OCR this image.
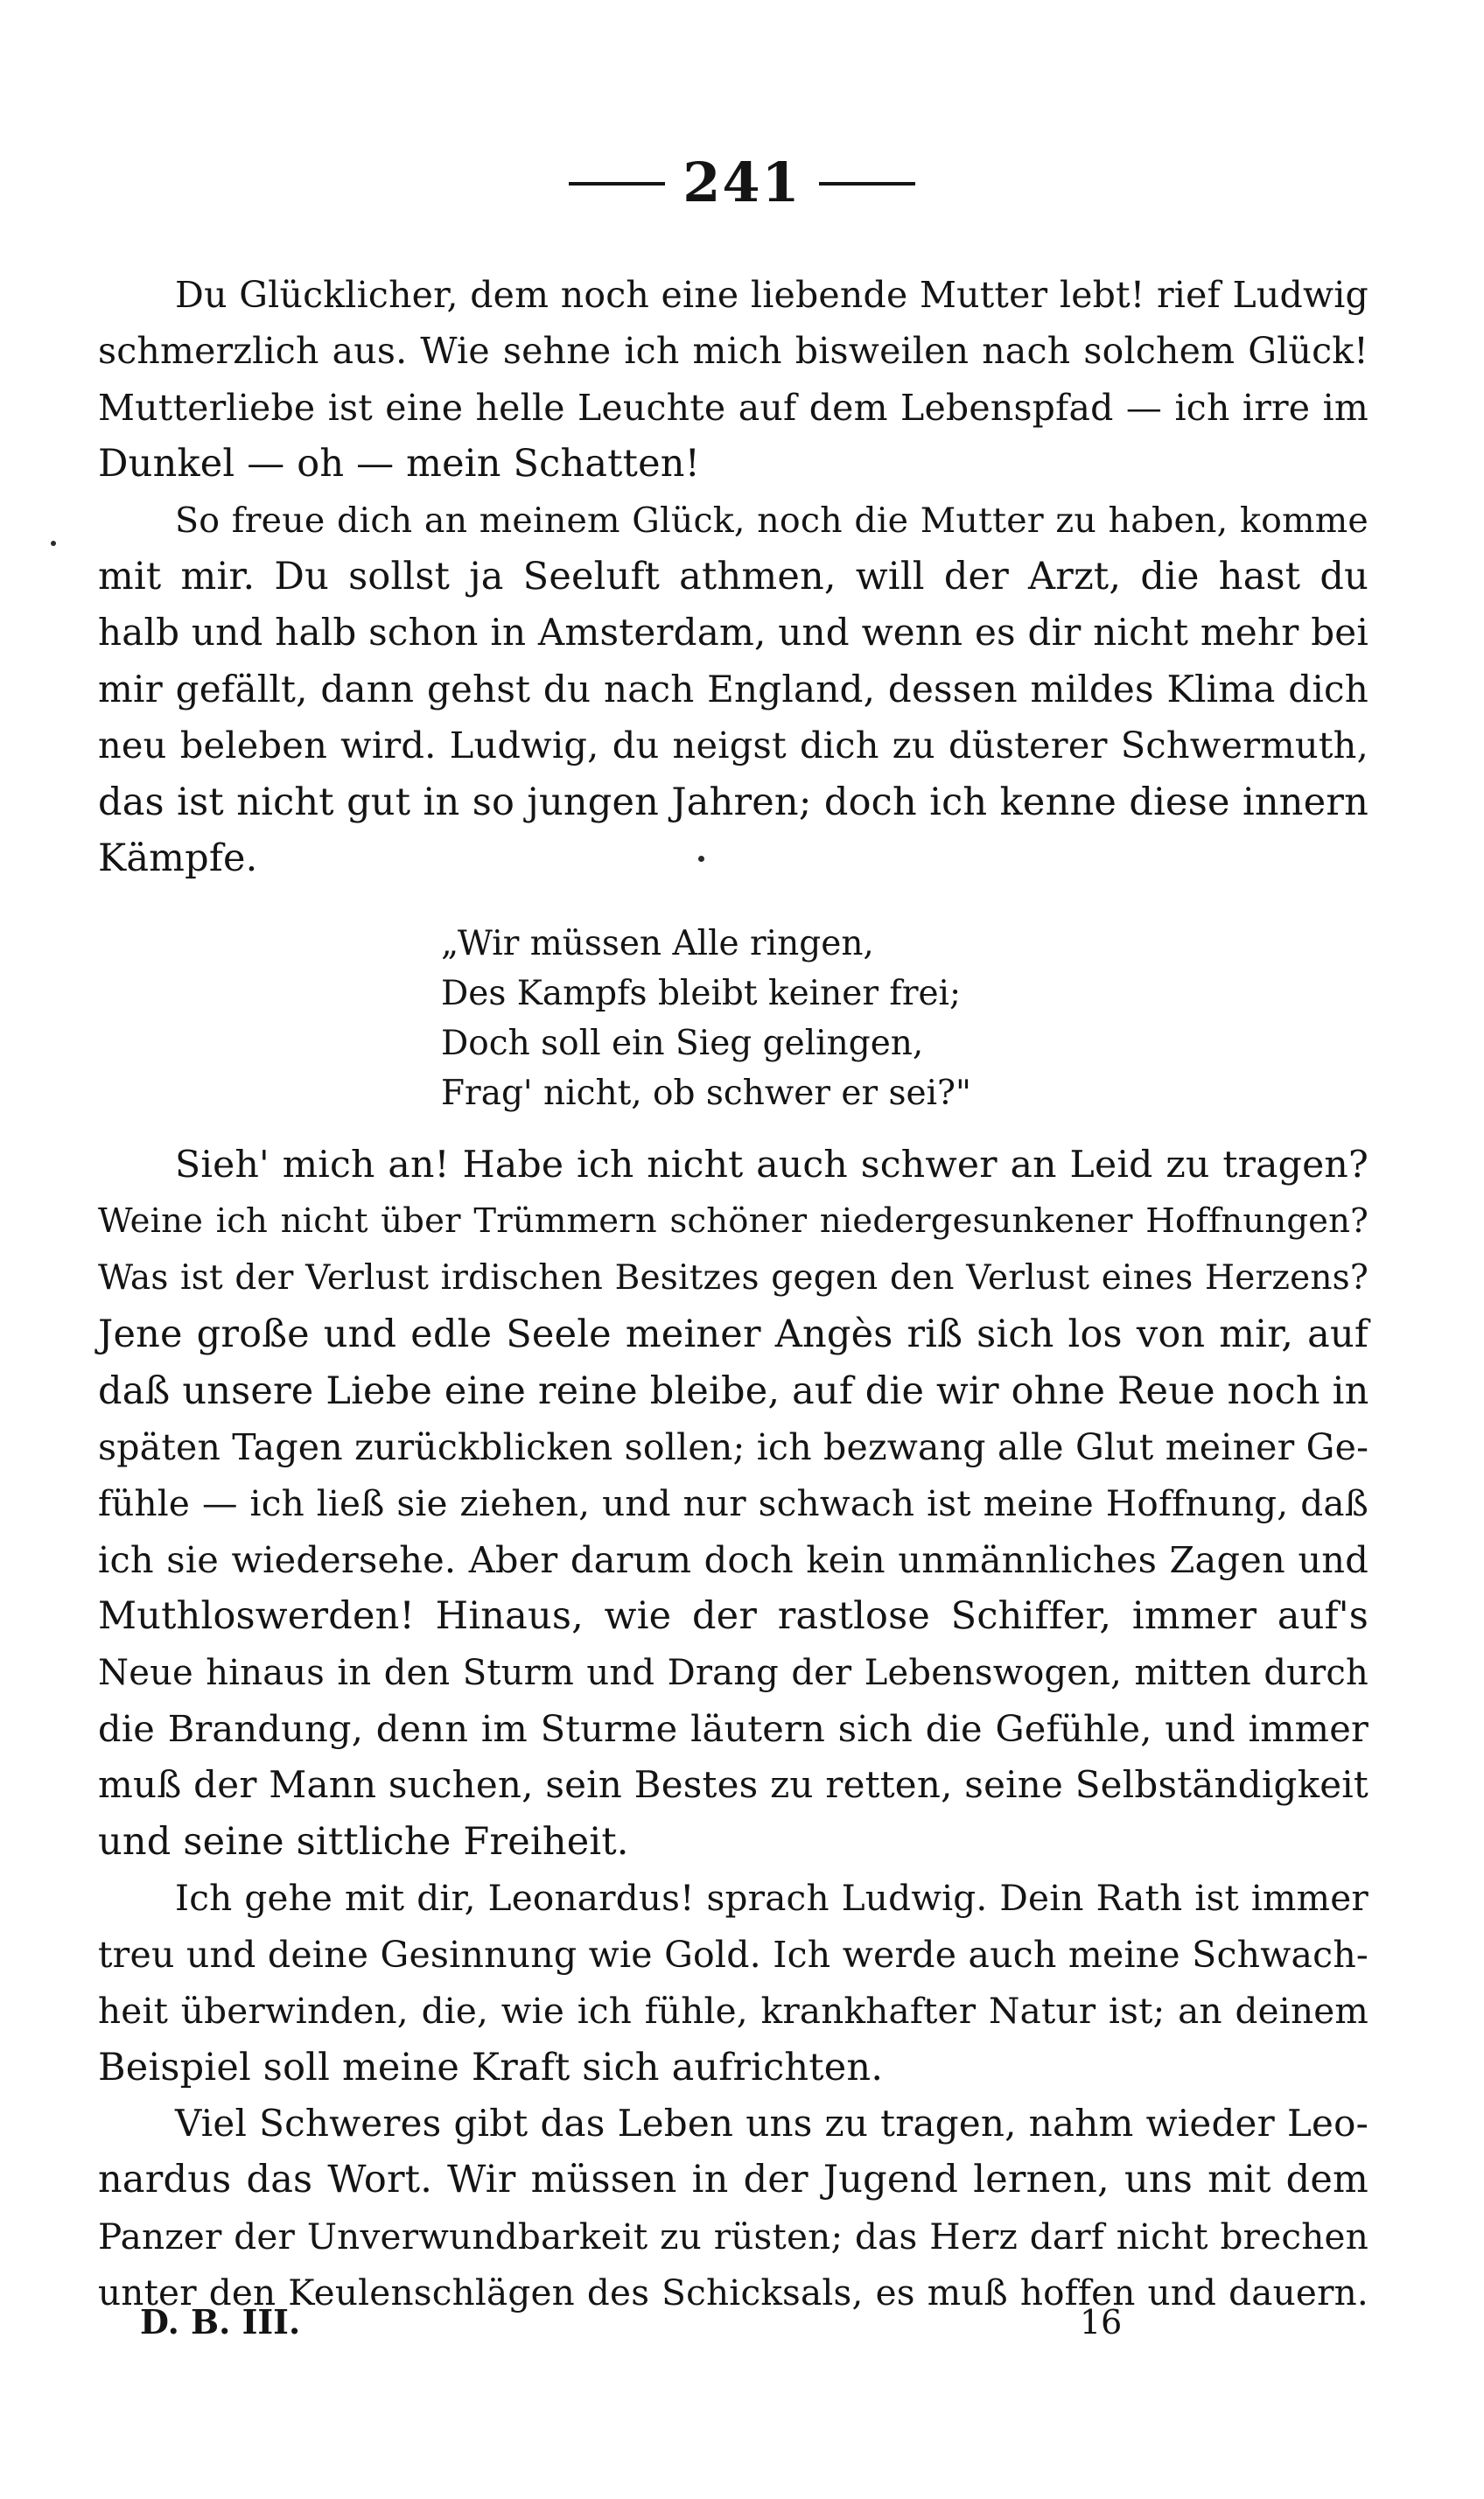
241
Du Glücklicher, dem noch eine liebende Mutter lebt! rief Ludwig
schmerzlich aus. Wie sehne ich mich bisweilen nach solchem Glück!
Mutterliebe ist eine helle Leuchte auf dem Lebenspfad — ich irre im
Dunkel — oh — mein Schatten!
So freue dich an meinem Glück, noch die Mutter zu haben, komme
mit mir. Du sollst ja Seeluft athmen, will der Arzt, die hast du
halb und halb schon in Amsterdam, und wenn es dir nicht mehr bei
mir gefällt, dann gehst du nach England, dessen mildes Klima dich
neu beleben wird. Ludwig, du neigst dich zu düsterer Schwermuth,
das ist nicht gut in so jungen Jahren; doch ich kenne diese innern
Kämpfe.
„Wir müssen Alle ringen,
Des Kampfs bleibt keiner frei;
Doch soll ein Sieg gelingen,
Frag' nicht, ob schwer er sei?"
Sieh' mich an! Habe ich nicht auch schwer an Leid zu tragen?
Weine ich nicht über Trümmern schöner niedergesunkener Hoffnungen?
Was ist der Verlust irdischen Besitzes gegen den Verlust eines Herzens?
Jene große und edle Seele meiner Angès riß sich los von mir, auf
daß unsere Liebe eine reine bleibe, auf die wir ohne Reue noch in
späten Tagen zurückblicken sollen; ich bezwang alle Glut meiner Ge-
fühle — ich ließ sie ziehen, und nur schwach ist meine Hoffnung, daß
ich sie wiedersehe. Aber darum doch kein unmännliches Zagen und
Muthloswerden! Hinaus, wie der rastlose Schiffer, immer auf's
Neue hinaus in den Sturm und Drang der Lebenswogen, mitten durch
die Brandung, denn im Sturme läutern sich die Gefühle, und immer
muß der Mann suchen, sein Bestes zu retten, seine Selbständigkeit
und seine sittliche Freiheit.
Ich gehe mit dir, Leonardus! sprach Ludwig. Dein Rath ist immer
treu und deine Gesinnung wie Gold. Ich werde auch meine Schwach-
heit überwinden, die, wie ich fühle, krankhafter Natur ist; an deinem
Beispiel soll meine Kraft sich aufrichten.
Viel Schweres gibt das Leben uns zu tragen, nahm wieder Leo-
nardus das Wort. Wir müssen in der Jugend lernen, uns mit dem
Panzer der Unverwundbarkeit zu rüsten; das Herz darf nicht brechen
unter den Keulenschlägen des Schicksals, es muß hoffen und dauern.
D. B. III.	16
